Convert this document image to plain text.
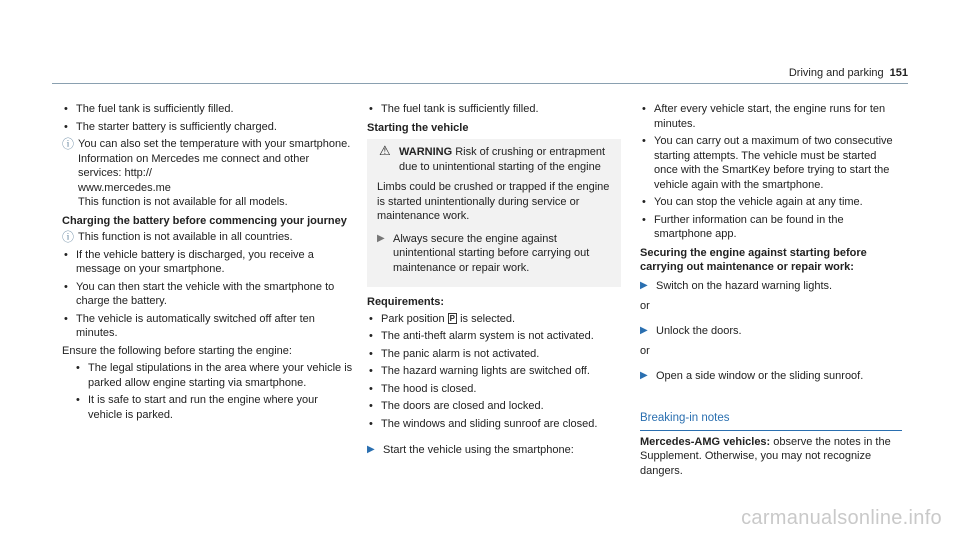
Driving and parking 151
• The fuel tank is sufficiently filled.
• The starter battery is sufficiently charged.
ⓘ You can also set the temperature with your smartphone. Information on Mercedes me connect and other services: http://
www.mercedes.me
This function is not available for all models.
Charging the battery before commencing your journey
ⓘ This function is not available in all countries.
• If the vehicle battery is discharged, you receive a message on your smartphone.
• You can then start the vehicle with the smartphone to charge the battery.
• The vehicle is automatically switched off after ten minutes.
Ensure the following before starting the engine:
• The legal stipulations in the area where your vehicle is parked allow engine starting via smartphone.
• It is safe to start and run the engine where your vehicle is parked.
• The fuel tank is sufficiently filled.
Starting the vehicle
⚠ WARNING Risk of crushing or entrapment due to unintentional starting of the engine
Limbs could be crushed or trapped if the engine is started unintentionally during service or maintenance work.
▶ Always secure the engine against unintentional starting before carrying out maintenance or repair work.
Requirements:
• Park position P is selected.
• The anti-theft alarm system is not activated.
• The panic alarm is not activated.
• The hazard warning lights are switched off.
• The hood is closed.
• The doors are closed and locked.
• The windows and sliding sunroof are closed.
▶ Start the vehicle using the smartphone:
• After every vehicle start, the engine runs for ten minutes.
• You can carry out a maximum of two consecutive starting attempts. The vehicle must be started once with the SmartKey before trying to start the vehicle again with the smartphone.
• You can stop the vehicle again at any time.
• Further information can be found in the smartphone app.
Securing the engine against starting before carrying out maintenance or repair work:
▶ Switch on the hazard warning lights.
or
▶ Unlock the doors.
or
▶ Open a side window or the sliding sunroof.
Breaking-in notes
Mercedes-AMG vehicles: observe the notes in the Supplement. Otherwise, you may not recognize dangers.
carmanualsonline.info
